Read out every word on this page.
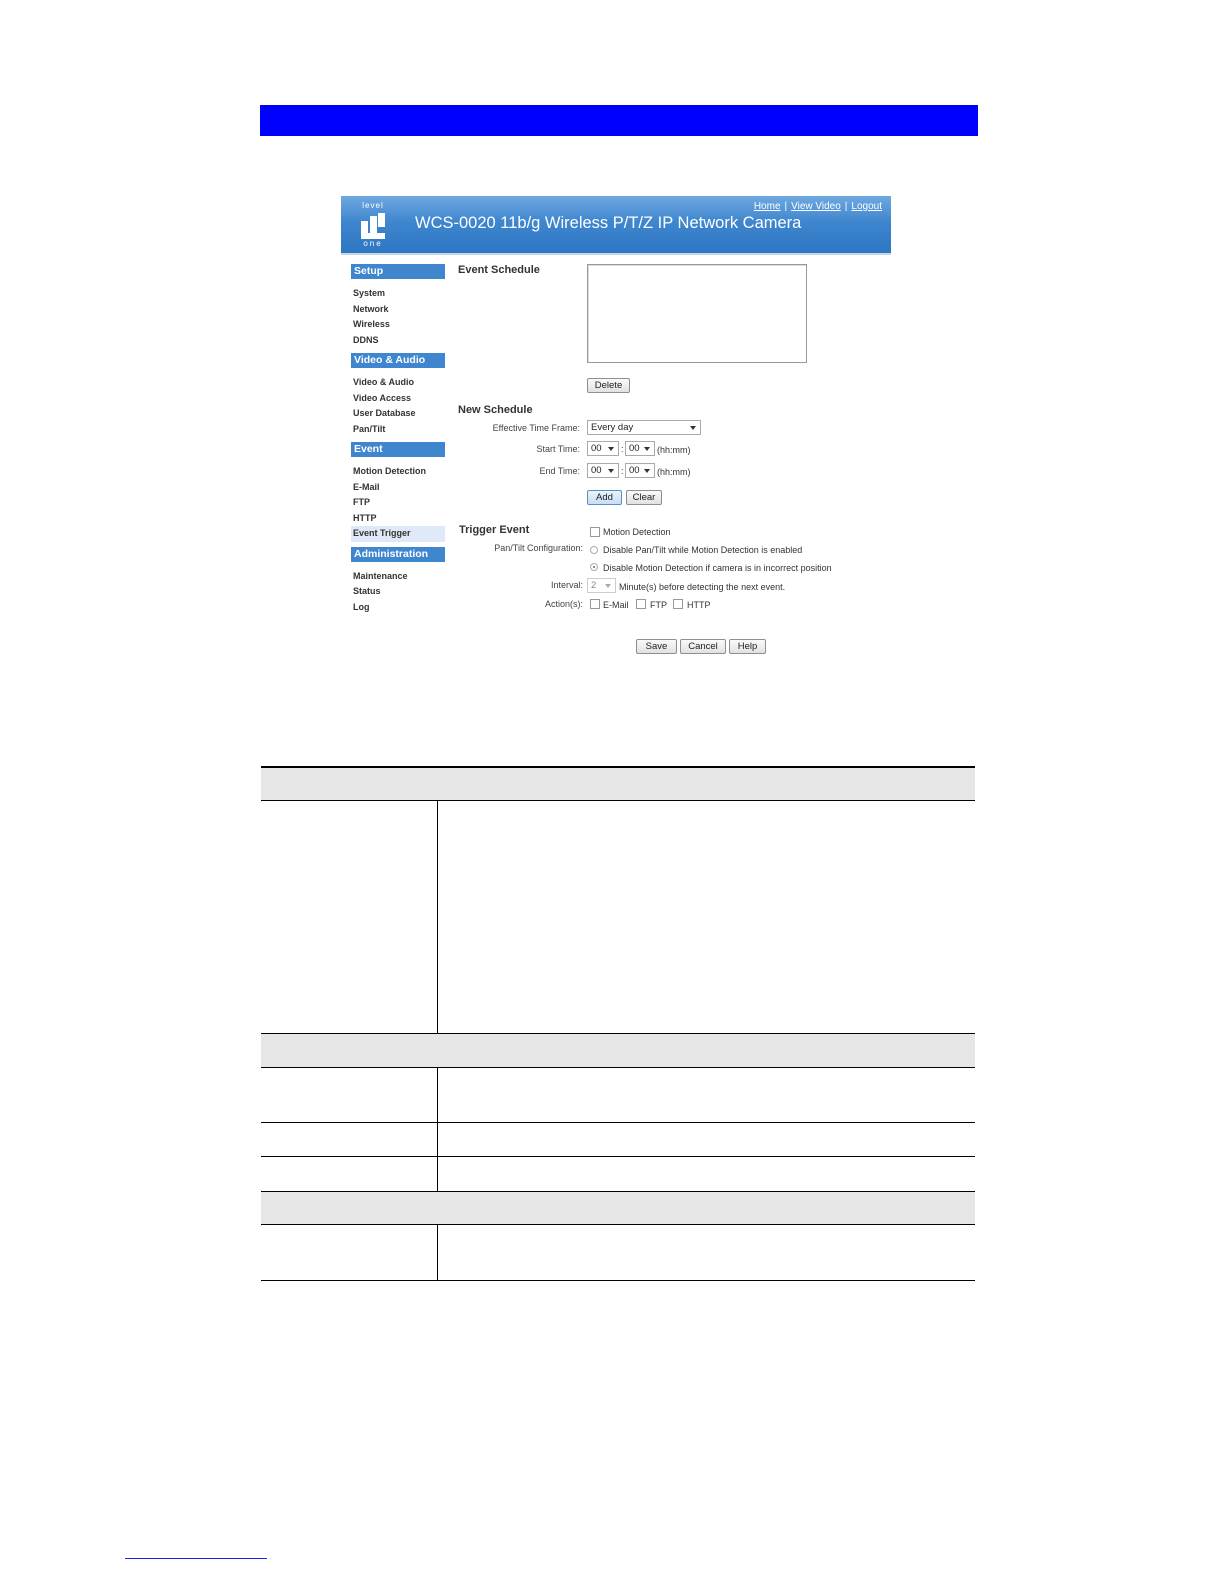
level
one
WCS-0020 11b/g Wireless P/T/Z IP Network Camera
Home | View Video | Logout
Setup
System
Network
Wireless
DDNS
Video & Audio
Video & Audio
Video Access
User Database
Pan/Tilt
Event
Motion Detection
E-Mail
FTP
HTTP
Event Trigger
Administration
Maintenance
Status
Log
Event Schedule
Delete
New Schedule
Effective Time Frame:	Every day
Start Time:	00	: 00	(hh:mm)
End Time:	00	: 00	(hh:mm)
Add	Clear
Trigger Event	Motion Detection
Pan/Tilt Configuration: Disable Pan/Tilt while Motion Detection is enabled
Disable Motion Detection if camera is in incorrect position
Interval: 2	Minute(s) before detecting the next event.
Action(s): E-Mail FTP HTTP
Save	Cancel	Help
